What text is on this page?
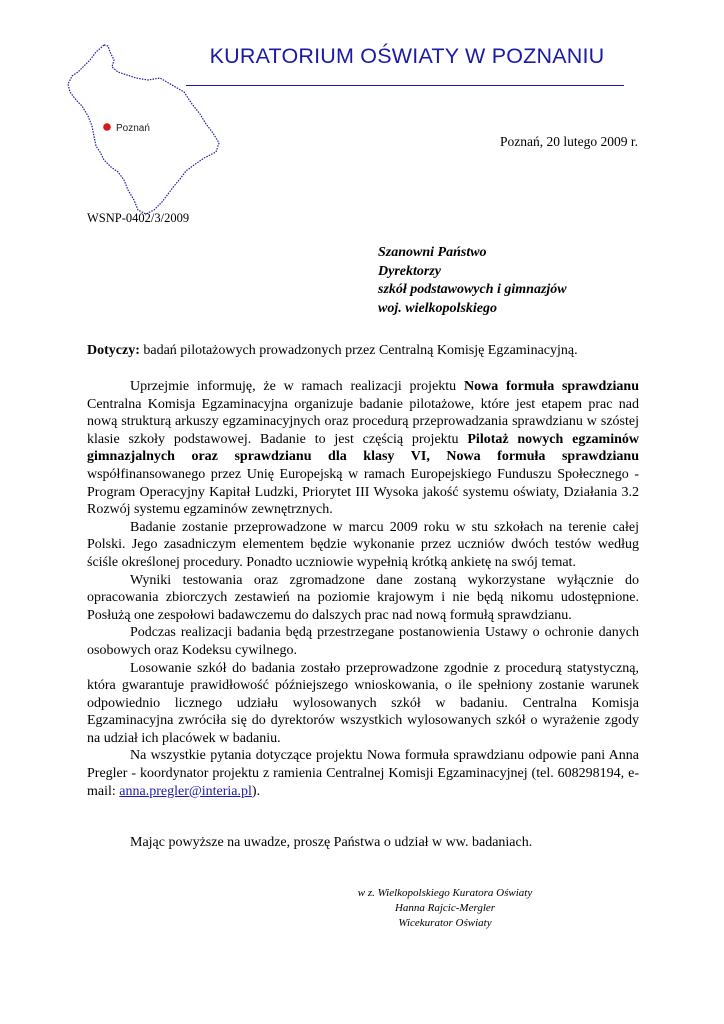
Poznań
KURATORIUM OŚWIATY W POZNANIU
Poznań, 20 lutego 2009 r.
WSNP-0402/3/2009
Szanowni Państwo
Dyrektorzy
szkół podstawowych i gimnazjów
woj. wielkopolskiego
Dotyczy: badań pilotażowych prowadzonych przez Centralną Komisję Egzaminacyjną.

Uprzejmie informuję, że w ramach realizacji projektu Nowa formuła sprawdzianu Centralna Komisja Egzaminacyjna organizuje badanie pilotażowe, które jest etapem prac nad nową strukturą arkuszy egzaminacyjnych oraz procedurą przeprowadzania sprawdzianu w szóstej klasie szkoły podstawowej. Badanie to jest częścią projektu Pilotaż nowych egzaminów gimnazjalnych oraz sprawdzianu dla klasy VI, Nowa formuła sprawdzianu współfinansowanego przez Unię Europejską w ramach Europejskiego Funduszu Społecznego - Program Operacyjny Kapitał Ludzki, Priorytet III Wysoka jakość systemu oświaty, Działania 3.2 Rozwój systemu egzaminów zewnętrznych.

Badanie zostanie przeprowadzone w marcu 2009 roku w stu szkołach na terenie całej Polski. Jego zasadniczym elementem będzie wykonanie przez uczniów dwóch testów według ściśle określonej procedury. Ponadto uczniowie wypełnią krótką ankietę na swój temat.

Wyniki testowania oraz zgromadzone dane zostaną wykorzystane wyłącznie do opracowania zbiorczych zestawień na poziomie krajowym i nie będą nikomu udostępnione. Posłużą one zespołowi badawczemu do dalszych prac nad nową formułą sprawdzianu.

Podczas realizacji badania będą przestrzegane postanowienia Ustawy o ochronie danych osobowych oraz Kodeksu cywilnego.

Losowanie szkół do badania zostało przeprowadzone zgodnie z procedurą statystyczną, która gwarantuje prawidłowość późniejszego wnioskowania, o ile spełniony zostanie warunek odpowiednio licznego udziału wylosowanych szkół w badaniu. Centralna Komisja Egzaminacyjna zwróciła się do dyrektorów wszystkich wylosowanych szkół o wyrażenie zgody na udział ich placówek w badaniu.

Na wszystkie pytania dotyczące projektu Nowa formuła sprawdzianu odpowie pani Anna Pregler - koordynator projektu z ramienia Centralnej Komisji Egzaminacyjnej (tel. 608298194, e-mail: anna.pregler@interia.pl).

Mając powyższe na uwadze, proszę Państwa o udział w ww. badaniach.
w z. Wielkopolskiego Kuratora Oświaty
Hanna Rajcic-Mergler
Wicekurator Oświaty
